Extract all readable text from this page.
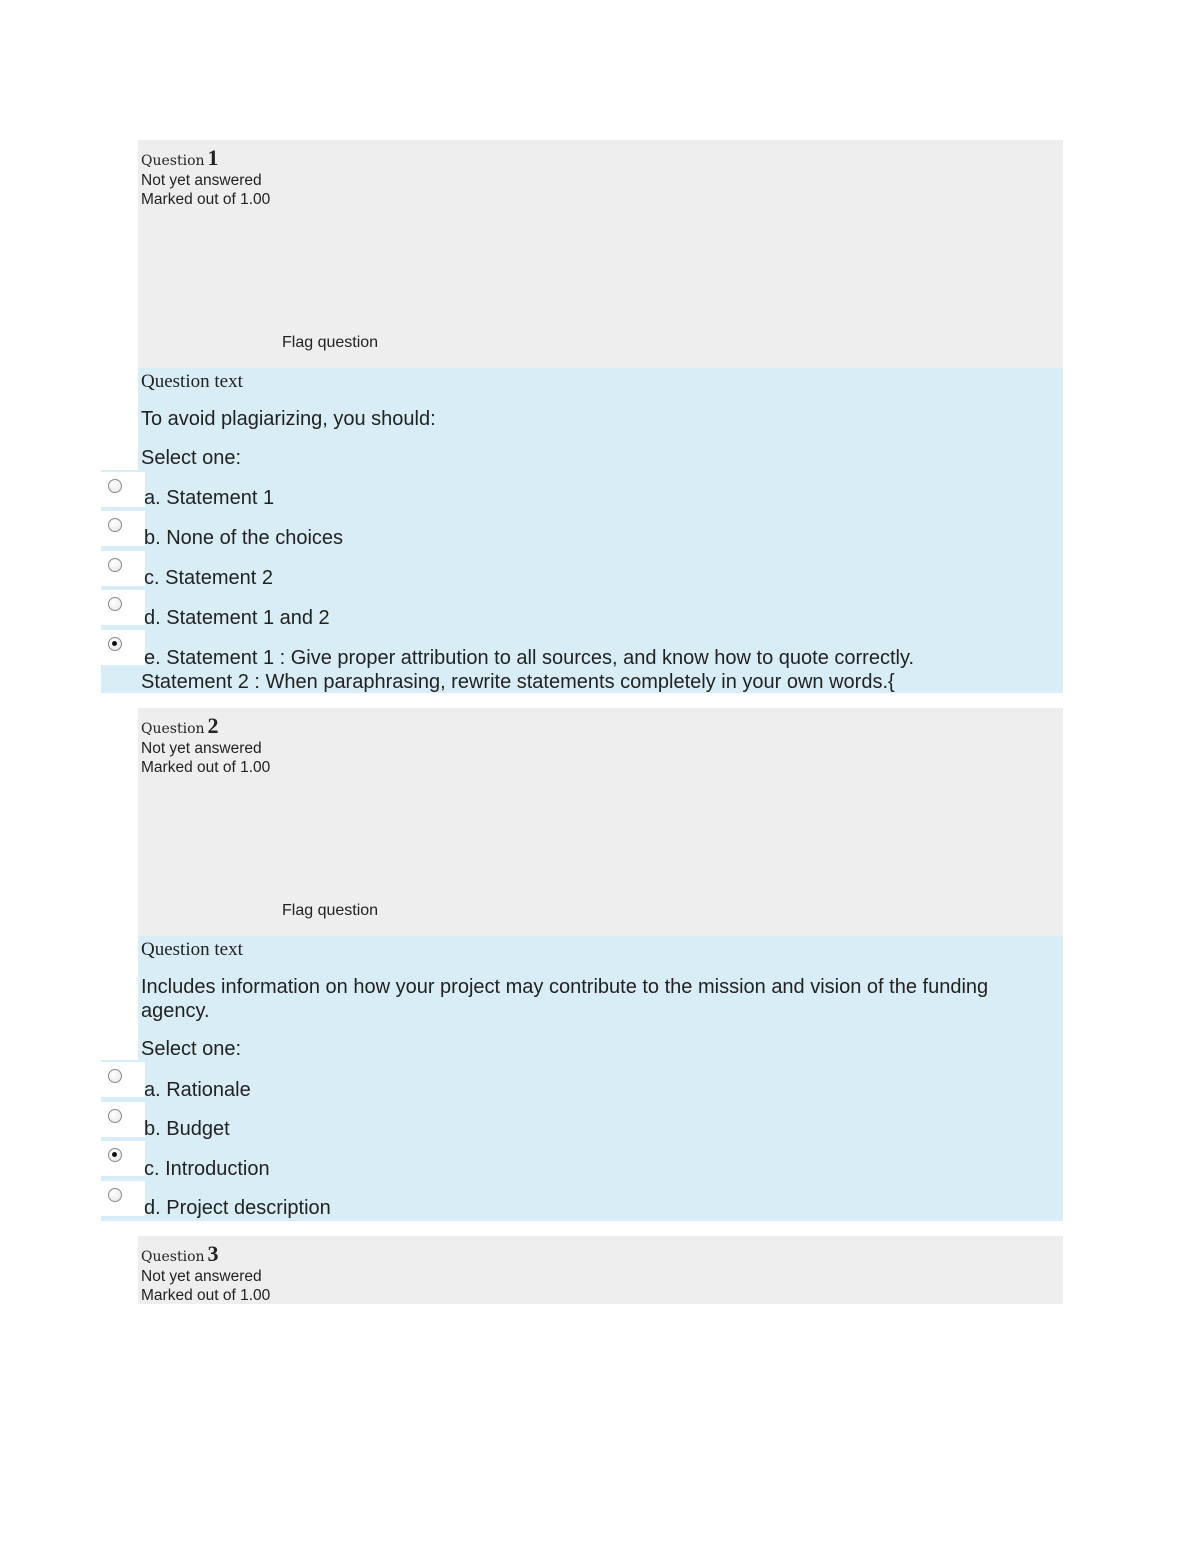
Question 1
Not yet answered
Marked out of 1.00
Flag question
Question text
To avoid plagiarizing, you should:
Select one:
a. Statement 1
b. None of the choices
c. Statement 2
d. Statement 1 and 2
e. Statement 1 : Give proper attribution to all sources, and know how to quote correctly.
Statement 2 : When paraphrasing, rewrite statements completely in your own words.{
Question 2
Not yet answered
Marked out of 1.00
Flag question
Question text
Includes information on how your project may contribute to the mission and vision of the funding agency.
Select one:
a. Rationale
b. Budget
c. Introduction
d. Project description
Question 3
Not yet answered
Marked out of 1.00
